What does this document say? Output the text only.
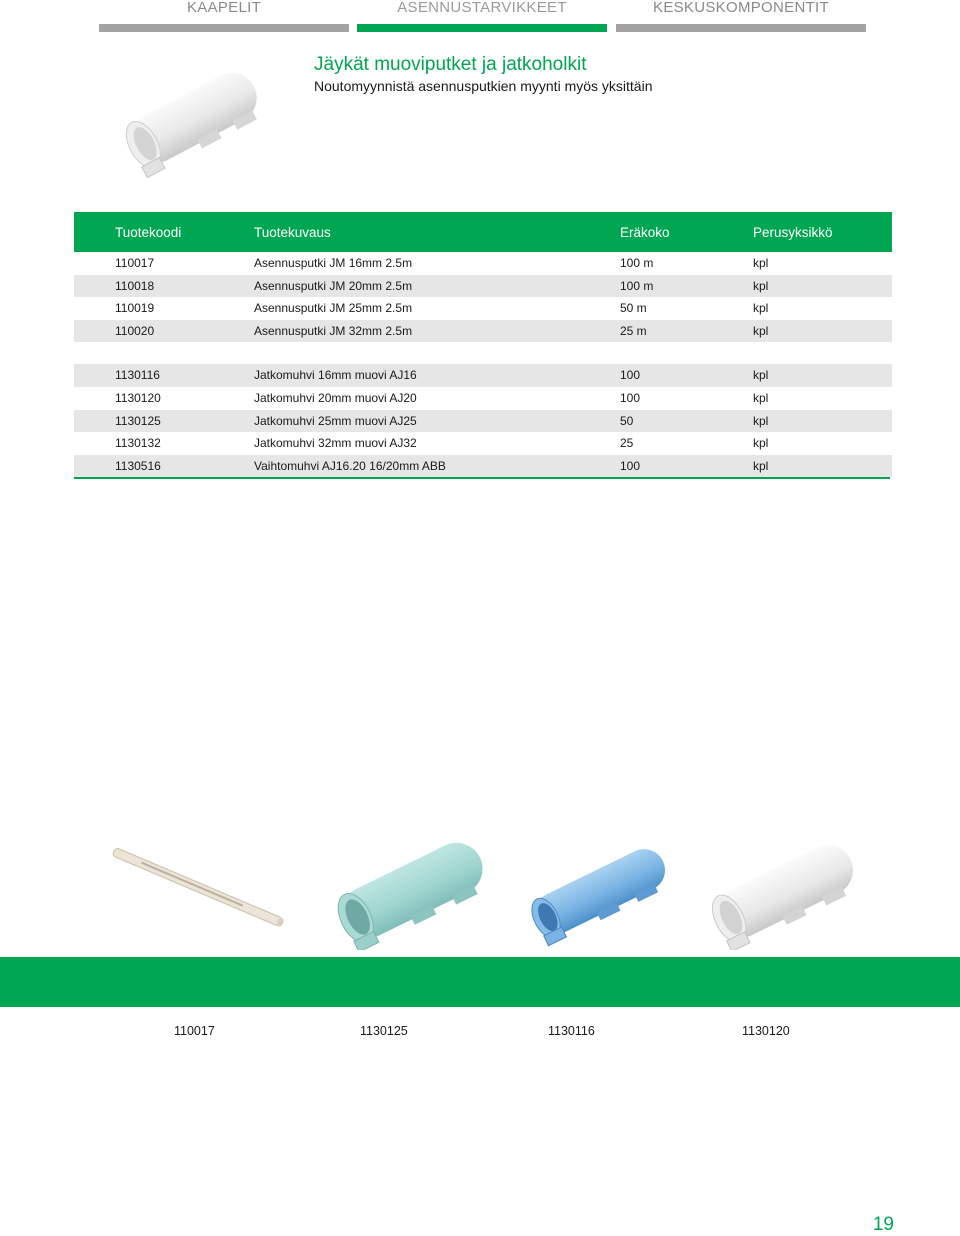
KAAPELIT	ASENNUSTARVIKKEET	KESKUSKOMPONENTIT
Jäykät muoviputket ja jatkoholkit
Noutomyynnistä asennusputkien myynti myös yksittäin
Tuotekoodi	Tuotekuvaus	Eräkoko	Perusyksikkö
110017	Asennusputki JM 16mm 2.5m	100 m	kpl
110018	Asennusputki JM 20mm 2.5m	100 m	kpl
110019	Asennusputki JM 25mm 2.5m	50 m	kpl
110020	Asennusputki JM 32mm 2.5m	25 m	kpl
1130116	Jatkomuhvi 16mm muovi AJ16	100	kpl
1130120	Jatkomuhvi 20mm muovi AJ20	100	kpl
1130125	Jatkomuhvi 25mm muovi AJ25	50	kpl
1130132	Jatkomuhvi 32mm muovi AJ32	25	kpl
1130516	Vaihtomuhvi AJ16.20 16/20mm ABB	100	kpl
110017	1130125	1130116	1130120
19
